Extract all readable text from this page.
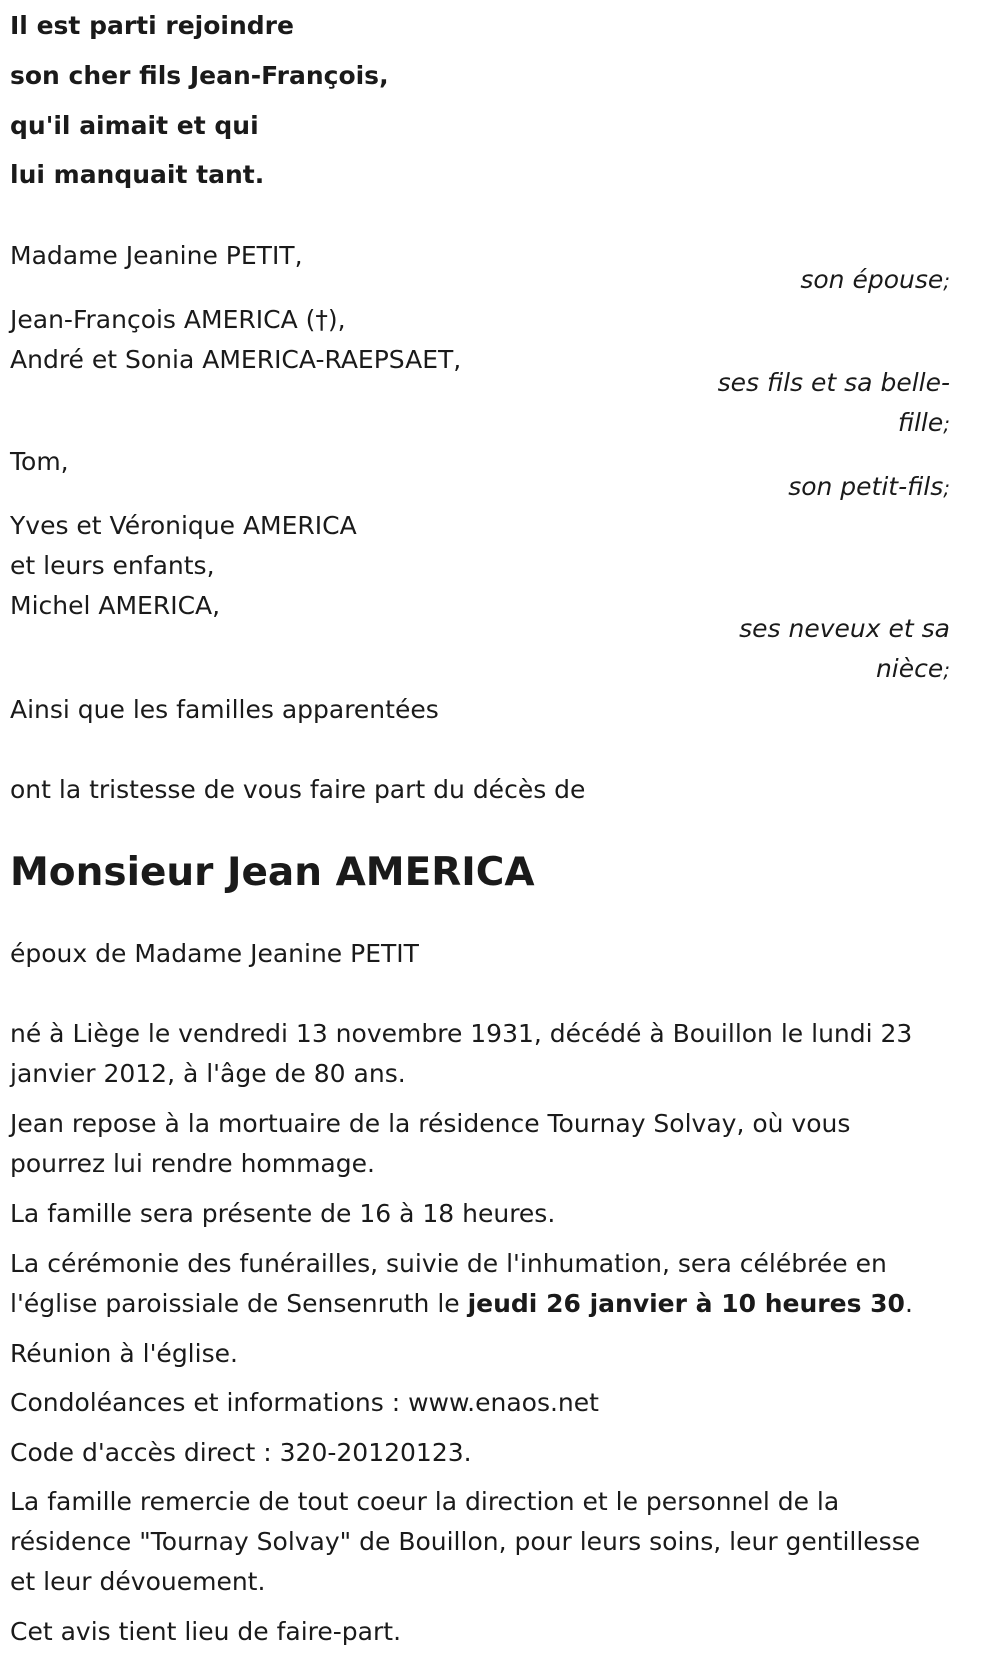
Il est parti rejoindre
son cher fils Jean-François,
qu'il aimait et qui
lui manquait tant.
Madame Jeanine PETIT,
son épouse;
Jean-François AMERICA (†),
André et Sonia AMERICA-RAEPSAET,
ses fils et sa belle-
fille;
Tom,
son petit-fils;
Yves et Véronique AMERICA
et leurs enfants,
Michel AMERICA,
ses neveux et sa
nièce;
Ainsi que les familles apparentées
ont la tristesse de vous faire part du décès de
Monsieur Jean AMERICA
époux de Madame Jeanine PETIT
né à Liège le vendredi 13 novembre 1931, décédé à Bouillon le lundi 23 janvier 2012, à l'âge de 80 ans.
Jean repose à la mortuaire de la résidence Tournay Solvay, où vous pourrez lui rendre hommage.
La famille sera présente de 16 à 18 heures.
La cérémonie des funérailles, suivie de l'inhumation, sera célébrée en l'église paroissiale de Sensenruth le jeudi 26 janvier à 10 heures 30.
Réunion à l'église.
Condoléances et informations : www.enaos.net
Code d'accès direct : 320-20120123.
La famille remercie de tout coeur la direction et le personnel de la résidence "Tournay Solvay" de Bouillon, pour leurs soins, leur gentillesse et leur dévouement.
Cet avis tient lieu de faire-part.
